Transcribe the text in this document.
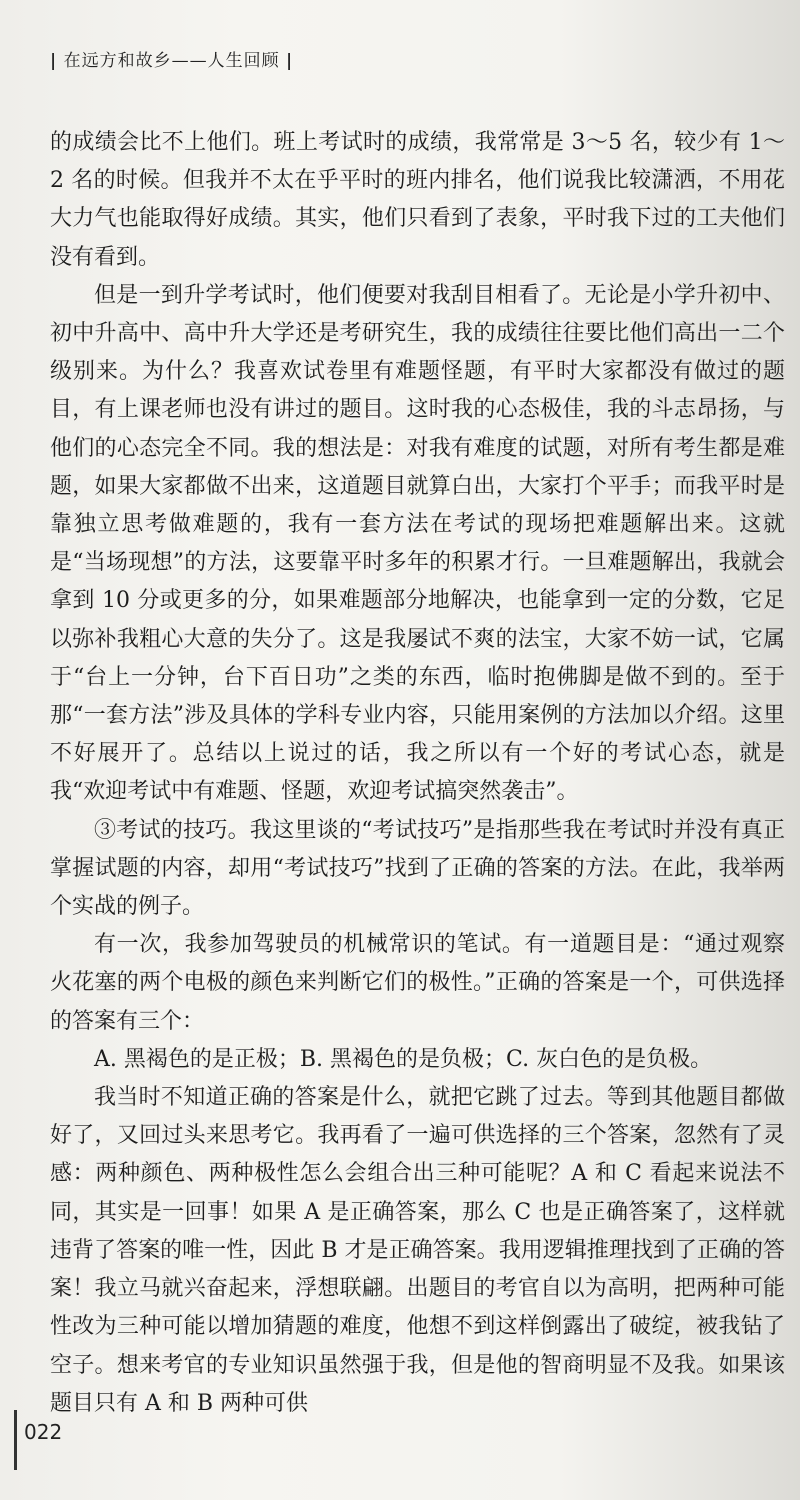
| 在远方和故乡——人生回顾 |

的成绩会比不上他们。班上考试时的成绩，我常常是 3～5 名，较少有 1～2 名的时候。但我并不太在乎平时的班内排名，他们说我比较潇洒，不用花大力气也能取得好成绩。其实，他们只看到了表象，平时我下过的工夫他们没有看到。

但是一到升学考试时，他们便要对我刮目相看了。无论是小学升初中、初中升高中、高中升大学还是考研究生，我的成绩往往要比他们高出一二个级别来。为什么？我喜欢试卷里有难题怪题，有平时大家都没有做过的题目，有上课老师也没有讲过的题目。这时我的心态极佳，我的斗志昂扬，与他们的心态完全不同。我的想法是：对我有难度的试题，对所有考生都是难题，如果大家都做不出来，这道题目就算白出，大家打个平手；而我平时是靠独立思考做难题的，我有一套方法在考试的现场把难题解出来。这就是“当场现想”的方法，这要靠平时多年的积累才行。一旦难题解出，我就会拿到 10 分或更多的分，如果难题部分地解决，也能拿到一定的分数，它足以弥补我粗心大意的失分了。这是我屡试不爽的法宝，大家不妨一试，它属于“台上一分钟，台下百日功”之类的东西，临时抱佛脚是做不到的。至于那“一套方法”涉及具体的学科专业内容，只能用案例的方法加以介绍。这里不好展开了。总结以上说过的话，我之所以有一个好的考试心态，就是我“欢迎考试中有难题、怪题，欢迎考试搞突然袭击”。

③考试的技巧。我这里谈的“考试技巧”是指那些我在考试时并没有真正掌握试题的内容，却用“考试技巧”找到了正确的答案的方法。在此，我举两个实战的例子。

有一次，我参加驾驶员的机械常识的笔试。有一道题目是：“通过观察火花塞的两个电极的颜色来判断它们的极性。”正确的答案是一个，可供选择的答案有三个：

A. 黑褐色的是正极；B. 黑褐色的是负极；C. 灰白色的是负极。

我当时不知道正确的答案是什么，就把它跳了过去。等到其他题目都做好了，又回过头来思考它。我再看了一遍可供选择的三个答案，忽然有了灵感：两种颜色、两种极性怎么会组合出三种可能呢？A 和 C 看起来说法不同，其实是一回事！如果 A 是正确答案，那么 C 也是正确答案了，这样就违背了答案的唯一性，因此 B 才是正确答案。我用逻辑推理找到了正确的答案！我立马就兴奋起来，浮想联翩。出题目的考官自以为高明，把两种可能性改为三种可能以增加猜题的难度，他想不到这样倒露出了破绽，被我钻了空子。想来考官的专业知识虽然强于我，但是他的智商明显不及我。如果该题目只有 A 和 B 两种可供

022
